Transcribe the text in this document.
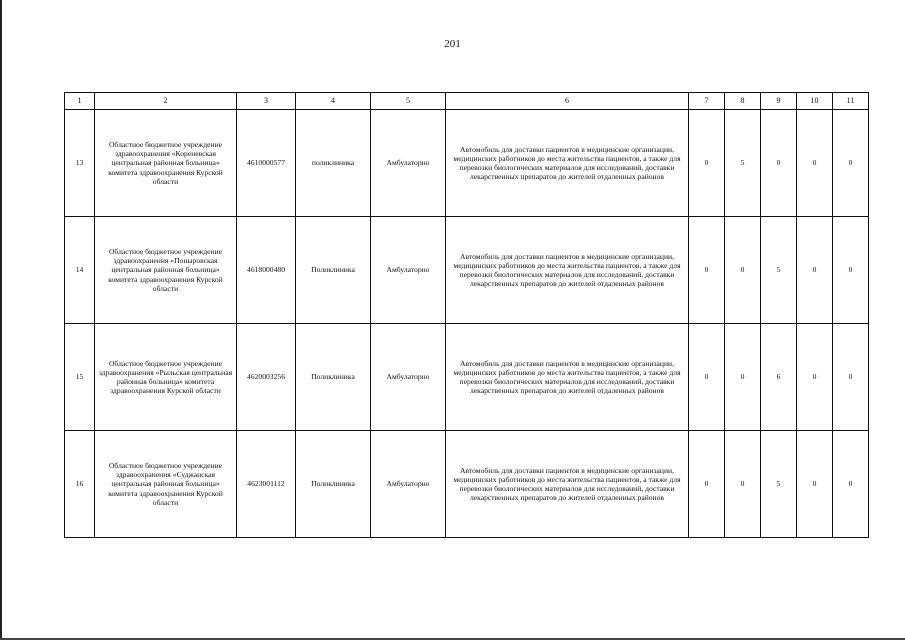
201
1	2	3	4	5	6	7	8	9	10	11
13	Областное бюджетное учреждение здравоохранения «Кореневская центральная районная больница» комитета здравоохранения Курской области	4610000577	поликлиника	Амбулаторно	Автомобиль для доставки пациентов в медицинские организации, медицинских работников до места жительства пациентов, а также для перевозки биологических материалов для исследований, доставки лекарственных препаратов до жителей отдаленных районов	0	5	0	0	0
14	Областное бюджетное учреждение здравоохранения «Поныровская центральная районная больница» комитета здравоохранения Курской области	4618000480	Поликлиника	Амбулаторно	Автомобиль для доставки пациентов в медицинские организации, медицинских работников до места жительства пациентов, а также для перевозки биологических материалов для исследований, доставки лекарственных препаратов до жителей отдаленных районов	0	0	5	0	0
15	Областное бюджетное учреждение здравоохранения «Рыльская центральная районная больница» комитета здравоохранения Курской области	4620003256	Поликлиника	Амбулаторно	Автомобиль для доставки пациентов в медицинские организации, медицинских работников до места жительства пациентов, а также для перевозки биологических материалов для исследований, доставки лекарственных препаратов до жителей отдаленных районов	0	0	6	0	0
16	Областное бюджетное учреждение здравоохранения «Суджанская центральная районная больница» комитета здравоохранения Курской области	4623001112	Поликлиника	Амбулаторно	Автомобиль для доставки пациентов в медицинские организации, медицинских работников до места жительства пациентов, а также для перевозки биологических материалов для исследований, доставки лекарственных препаратов до жителей отдаленных районов	0	0	5	0	0
